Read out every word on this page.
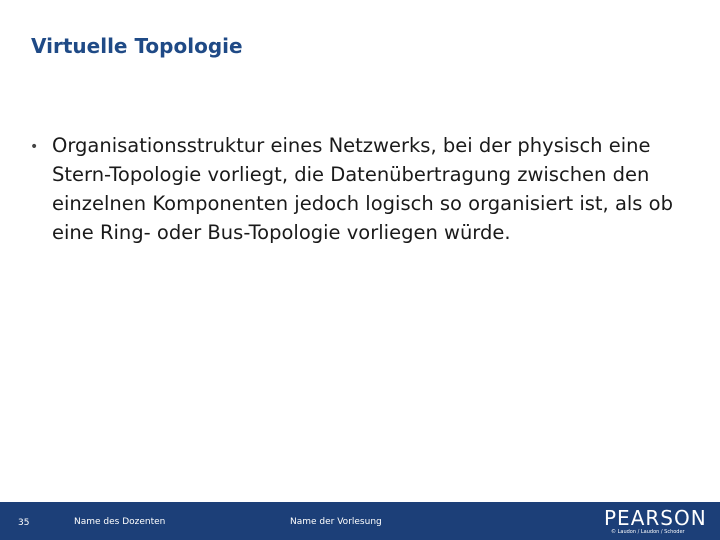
Virtuelle Topologie
• Organisationsstruktur eines Netzwerks, bei der physisch eine Stern-Topologie vorliegt, die Datenübertragung zwischen den einzelnen Komponenten jedoch logisch so organisiert ist, als ob eine Ring- oder Bus-Topologie vorliegen würde.
35	Name des Dozenten	Name der Vorlesung	PEARSON
© Laudon / Laudon / Schoder
